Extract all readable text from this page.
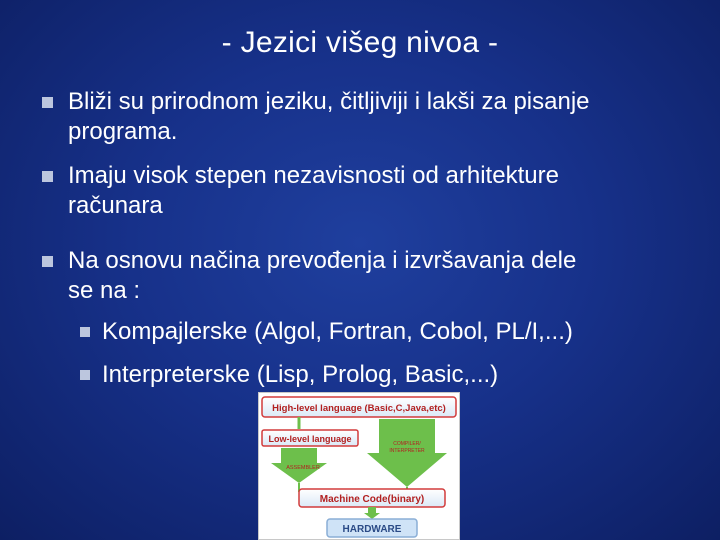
- Jezici višeg nivoa -
Bliži su prirodnom jeziku, čitljiviji i lakši za pisanje
programa.
Imaju visok stepen nezavisnosti od arhitekture
računara
Na osnovu načina prevođenja i izvršavanja dele
se na :
Kompajlerske (Algol, Fortran, Cobol, PL/I,...)
Interpreterske (Lisp, Prolog, Basic,...)
High-level language (Basic,C,Java,etc)
Low-level language
ASSEMBLER
COMPILER/
INTERPRETER
Machine Code(binary)
HARDWARE
